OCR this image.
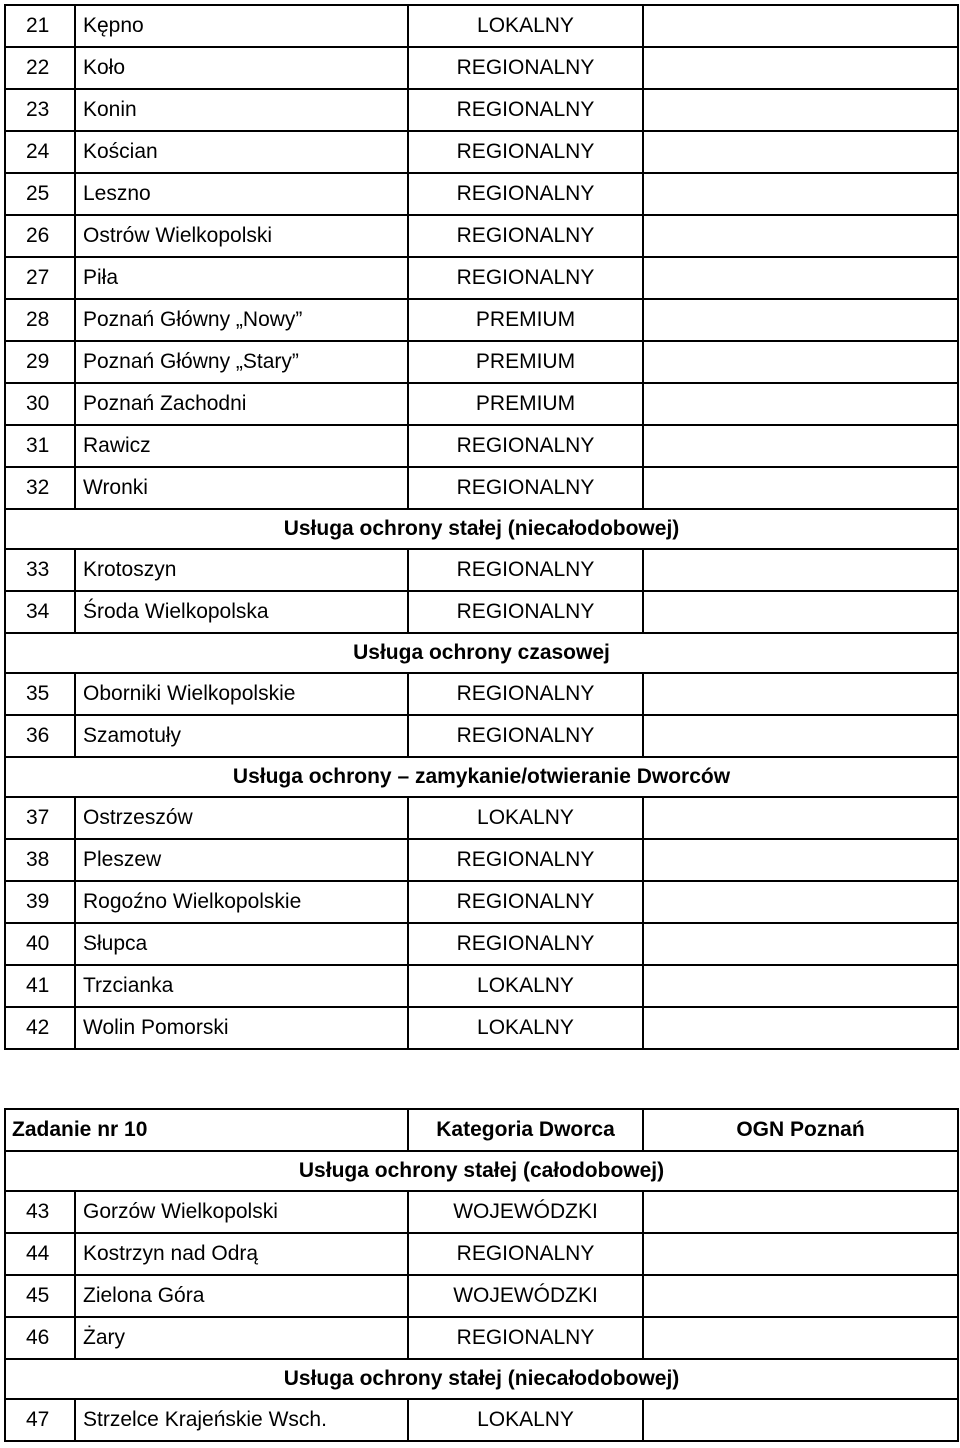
21	Kępno	LOKALNY	
22	Koło	REGIONALNY	
23	Konin	REGIONALNY	
24	Kościan	REGIONALNY	
25	Leszno	REGIONALNY	
26	Ostrów Wielkopolski	REGIONALNY	
27	Piła	REGIONALNY	
28	Poznań Główny „Nowy”	PREMIUM	
29	Poznań Główny „Stary”	PREMIUM	
30	Poznań Zachodni	PREMIUM	
31	Rawicz	REGIONALNY	
32	Wronki	REGIONALNY	
Usługa ochrony stałej (niecałodobowej)			
33	Krotoszyn	REGIONALNY	
34	Środa Wielkopolska	REGIONALNY	
Usługa ochrony czasowej			
35	Oborniki Wielkopolskie	REGIONALNY	
36	Szamotuły	REGIONALNY	
Usługa ochrony – zamykanie/otwieranie Dworców			
37	Ostrzeszów	LOKALNY	
38	Pleszew	REGIONALNY	
39	Rogoźno Wielkopolskie	REGIONALNY	
40	Słupca	REGIONALNY	
41	Trzcianka	LOKALNY	
42	Wolin Pomorski	LOKALNY	
Zadanie nr 10		Kategoria Dworca	OGN Poznań
Usługa ochrony stałej (całodobowej)			
43	Gorzów Wielkopolski	WOJEWÓDZKI	
44	Kostrzyn nad Odrą	REGIONALNY	
45	Zielona Góra	WOJEWÓDZKI	
46	Żary	REGIONALNY	
Usługa ochrony stałej (niecałodobowej)			
47	Strzelce Krajeńskie Wsch.	LOKALNY	
